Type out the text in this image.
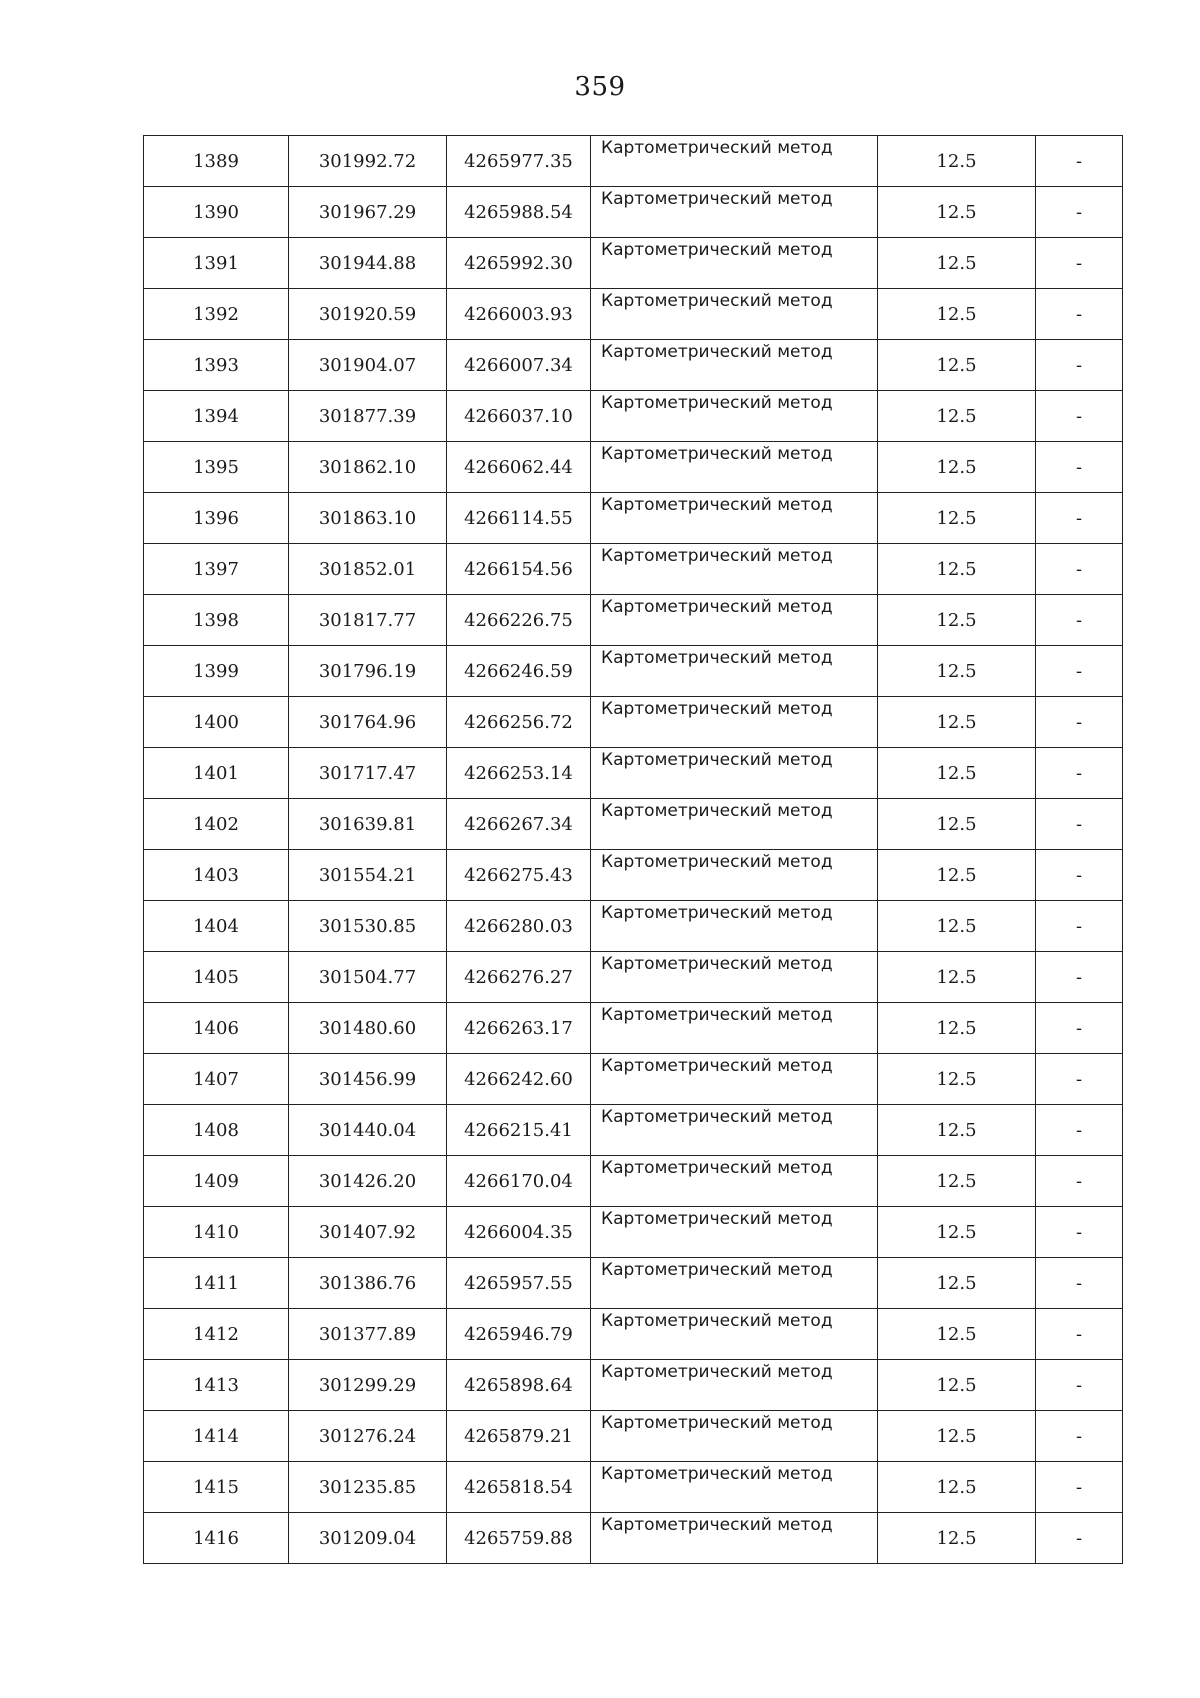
359
1389	301992.72	4265977.35	Картометрический метод	12.5	-
1390	301967.29	4265988.54	Картометрический метод	12.5	-
1391	301944.88	4265992.30	Картометрический метод	12.5	-
1392	301920.59	4266003.93	Картометрический метод	12.5	-
1393	301904.07	4266007.34	Картометрический метод	12.5	-
1394	301877.39	4266037.10	Картометрический метод	12.5	-
1395	301862.10	4266062.44	Картометрический метод	12.5	-
1396	301863.10	4266114.55	Картометрический метод	12.5	-
1397	301852.01	4266154.56	Картометрический метод	12.5	-
1398	301817.77	4266226.75	Картометрический метод	12.5	-
1399	301796.19	4266246.59	Картометрический метод	12.5	-
1400	301764.96	4266256.72	Картометрический метод	12.5	-
1401	301717.47	4266253.14	Картометрический метод	12.5	-
1402	301639.81	4266267.34	Картометрический метод	12.5	-
1403	301554.21	4266275.43	Картометрический метод	12.5	-
1404	301530.85	4266280.03	Картометрический метод	12.5	-
1405	301504.77	4266276.27	Картометрический метод	12.5	-
1406	301480.60	4266263.17	Картометрический метод	12.5	-
1407	301456.99	4266242.60	Картометрический метод	12.5	-
1408	301440.04	4266215.41	Картометрический метод	12.5	-
1409	301426.20	4266170.04	Картометрический метод	12.5	-
1410	301407.92	4266004.35	Картометрический метод	12.5	-
1411	301386.76	4265957.55	Картометрический метод	12.5	-
1412	301377.89	4265946.79	Картометрический метод	12.5	-
1413	301299.29	4265898.64	Картометрический метод	12.5	-
1414	301276.24	4265879.21	Картометрический метод	12.5	-
1415	301235.85	4265818.54	Картометрический метод	12.5	-
1416	301209.04	4265759.88	Картометрический метод	12.5	-
